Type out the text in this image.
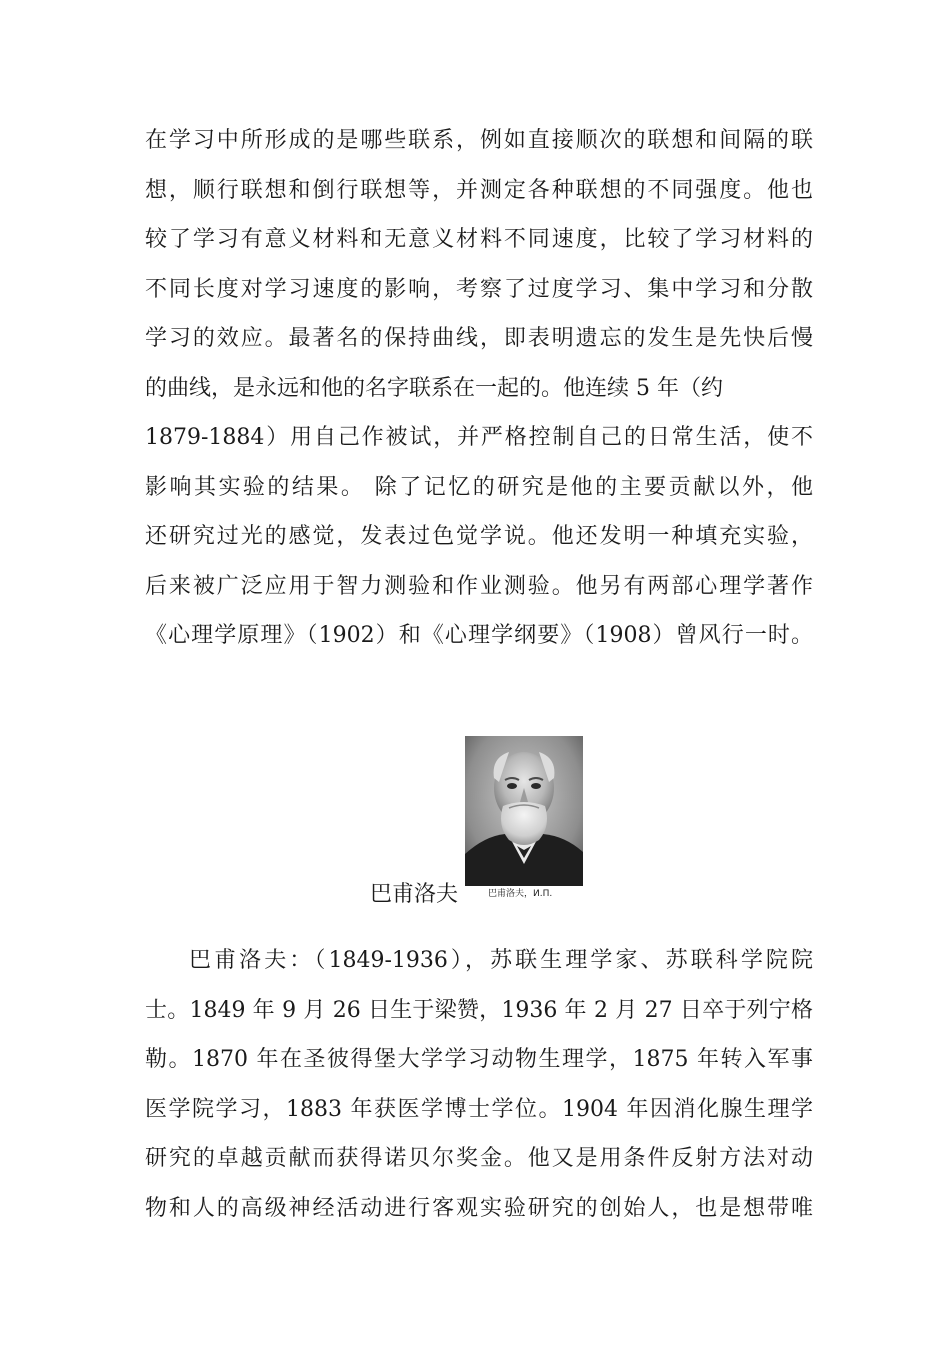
在学习中所形成的是哪些联系，例如直接顺次的联想和间隔的联
想，顺行联想和倒行联想等，并测定各种联想的不同强度。他也
较了学习有意义材料和无意义材料不同速度，比较了学习材料的
不同长度对学习速度的影响，考察了过度学习、集中学习和分散
学习的效应。最著名的保持曲线，即表明遗忘的发生是先快后慢
的曲线，是永远和他的名字联系在一起的。他连续 5 年（约
1879-1884）用自己作被试，并严格控制自己的日常生活，使不
影响其实验的结果。 除了记忆的研究是他的主要贡献以外，他
还研究过光的感觉，发表过色觉学说。他还发明一种填充实验，
后来被广泛应用于智力测验和作业测验。他另有两部心理学著作
《心理学原理》（1902）和《心理学纲要》（1908）曾风行一时。
巴甫洛夫	巴甫洛夫，И.П.
巴甫洛夫：（1849-1936），苏联生理学家、苏联科学院院
士。1849 年 9 月 26 日生于梁赞，1936 年 2 月 27 日卒于列宁格
勒。1870 年在圣彼得堡大学学习动物生理学，1875 年转入军事
医学院学习，1883 年获医学博士学位。1904 年因消化腺生理学
研究的卓越贡献而获得诺贝尔奖金。他又是用条件反射方法对动
物和人的高级神经活动进行客观实验研究的创始人，也是想带唯
